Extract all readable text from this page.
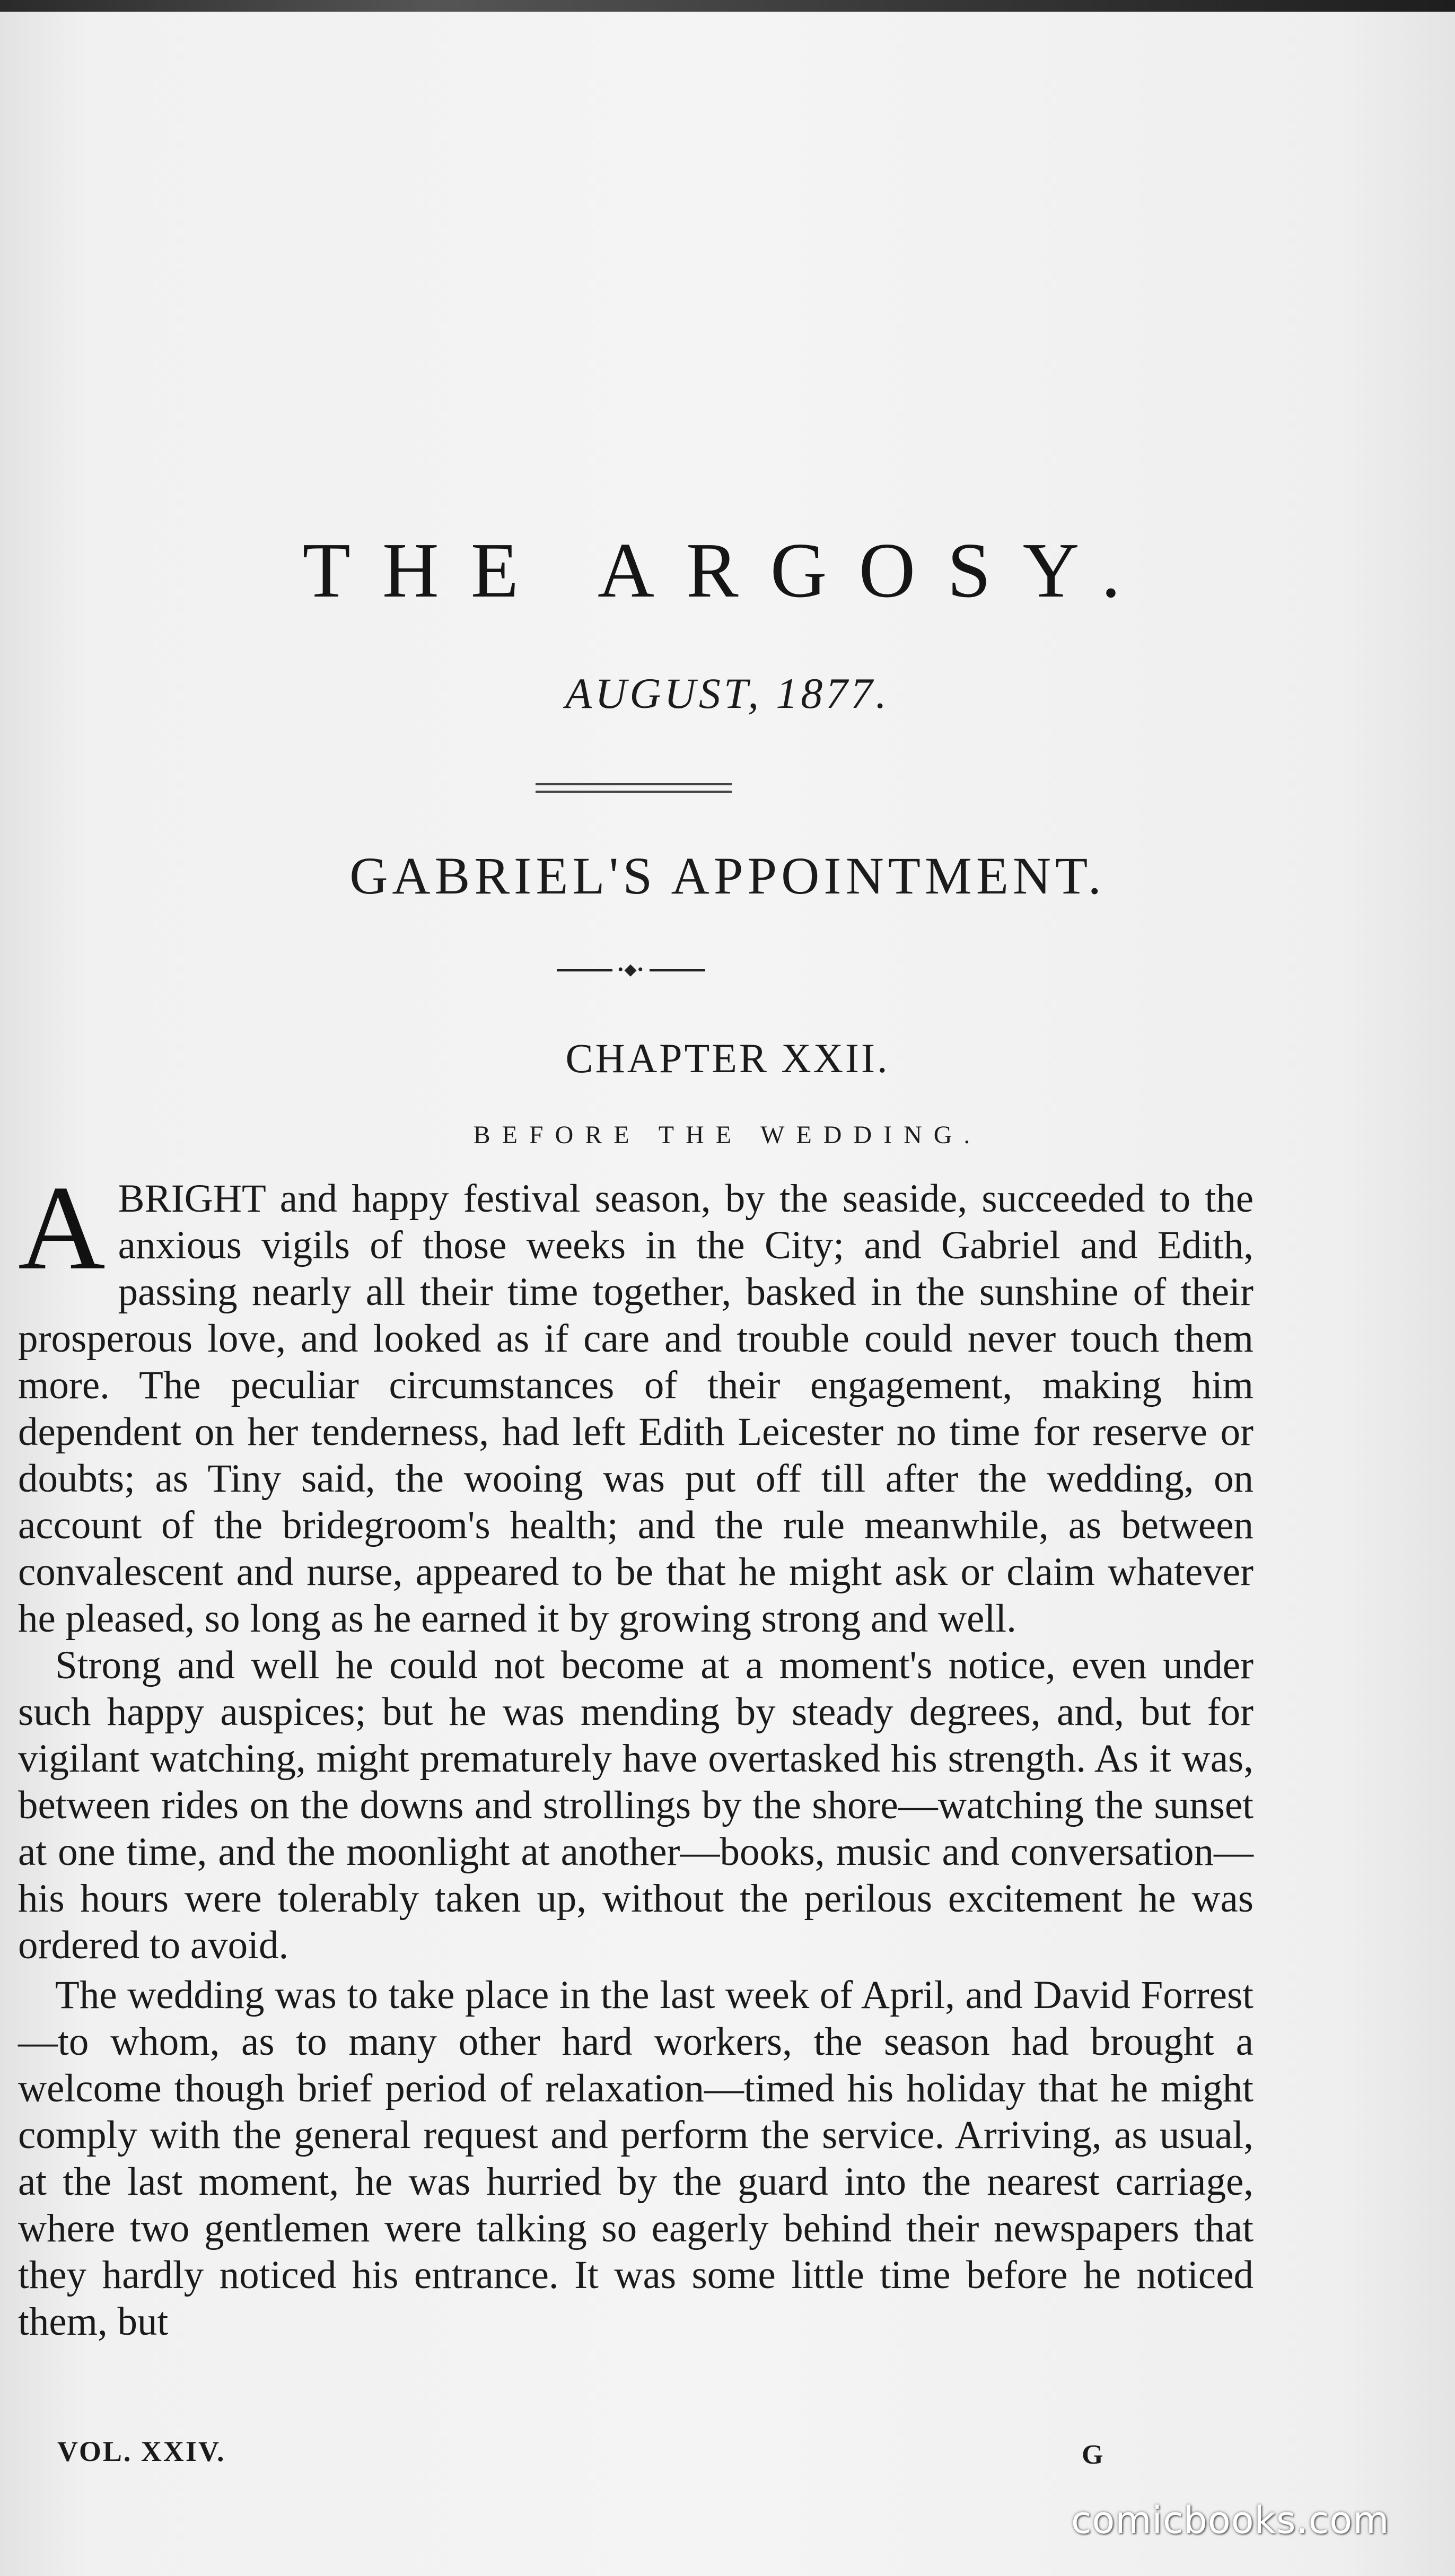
THE ARGOSY.
AUGUST, 1877.
GABRIEL'S APPOINTMENT.
•◆•
CHAPTER XXII.
BEFORE THE WEDDING.

ABRIGHT and happy festival season, by the seaside, succeeded to the anxious vigils of those weeks in the City; and Gabriel and Edith, passing nearly all their time together, basked in the sunshine of their prosperous love, and looked as if care and trouble could never touch them more. The peculiar circumstances of their engagement, making him dependent on her tenderness, had left Edith Leicester no time for reserve or doubts; as Tiny said, the wooing was put off till after the wedding, on account of the bridegroom's health; and the rule meanwhile, as between convalescent and nurse, appeared to be that he might ask or claim whatever he pleased, so long as he earned it by growing strong and well.

Strong and well he could not become at a moment's notice, even under such happy auspices; but he was mending by steady degrees, and, but for vigilant watching, might prematurely have overtasked his strength. As it was, between rides on the downs and strollings by the shore—watching the sunset at one time, and the moonlight at another—books, music and conversation—his hours were tolerably taken up, without the perilous excitement he was ordered to avoid.

The wedding was to take place in the last week of April, and David Forrest—to whom, as to many other hard workers, the season had brought a welcome though brief period of relaxation—timed his holiday that he might comply with the general request and perform the service. Arriving, as usual, at the last moment, he was hurried by the guard into the nearest carriage, where two gentlemen were talking so eagerly behind their newspapers that they hardly noticed his entrance. It was some little time before he noticed them, but

VOL. XXIV.	G
comicbooks.com
